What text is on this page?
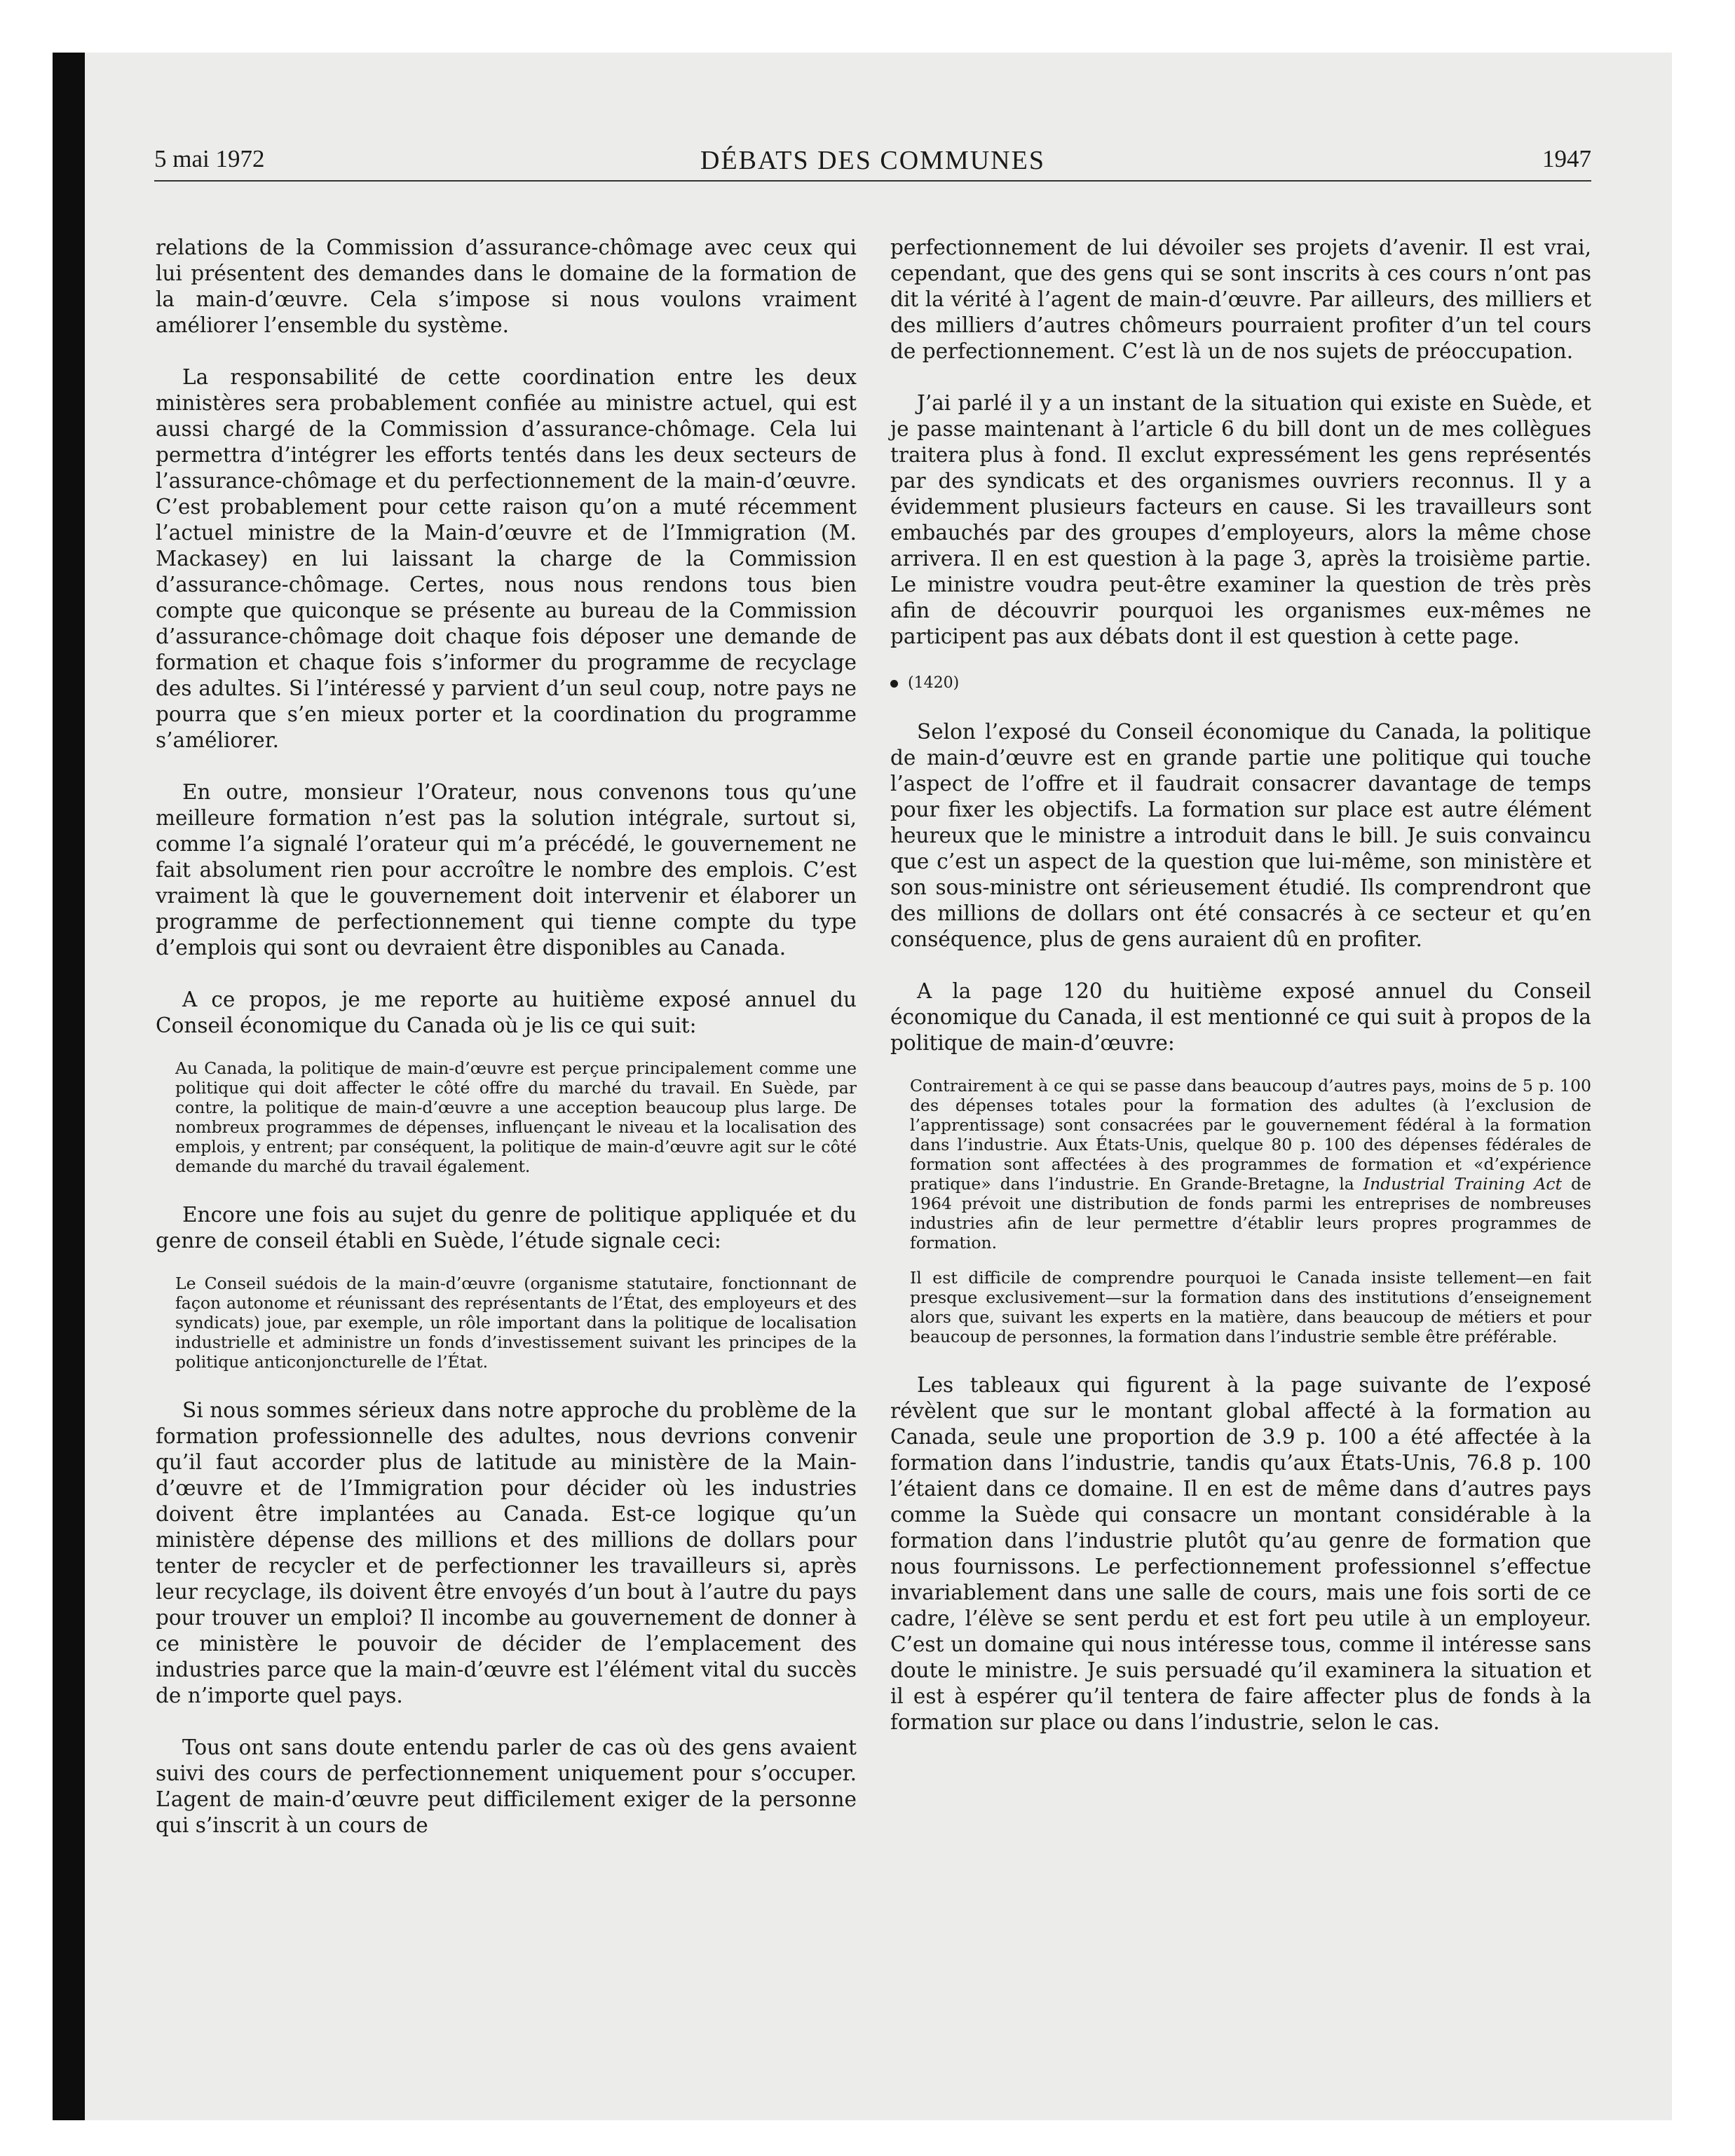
5 mai 1972	DÉBATS DES COMMUNES	1947

relations de la Commission d’assurance-chômage avec ceux qui lui présentent des demandes dans le domaine de la formation de la main-d’œuvre. Cela s’impose si nous voulons vraiment améliorer l’ensemble du système.

La responsabilité de cette coordination entre les deux ministères sera probablement confiée au ministre actuel, qui est aussi chargé de la Commission d’assurance-chômage. Cela lui permettra d’intégrer les efforts tentés dans les deux secteurs de l’assurance-chômage et du perfectionnement de la main-d’œuvre. C’est probablement pour cette raison qu’on a muté récemment l’actuel ministre de la Main-d’œuvre et de l’Immigration (M. Mackasey) en lui laissant la charge de la Commission d’assurance-chômage. Certes, nous nous rendons tous bien compte que quiconque se présente au bureau de la Commission d’assurance-chômage doit chaque fois déposer une demande de formation et chaque fois s’informer du programme de recyclage des adultes. Si l’intéressé y parvient d’un seul coup, notre pays ne pourra que s’en mieux porter et la coordination du programme s’améliorer.

En outre, monsieur l’Orateur, nous convenons tous qu’une meilleure formation n’est pas la solution intégrale, surtout si, comme l’a signalé l’orateur qui m’a précédé, le gouvernement ne fait absolument rien pour accroître le nombre des emplois. C’est vraiment là que le gouvernement doit intervenir et élaborer un programme de perfectionnement qui tienne compte du type d’emplois qui sont ou devraient être disponibles au Canada.

A ce propos, je me reporte au huitième exposé annuel du Conseil économique du Canada où je lis ce qui suit:

Au Canada, la politique de main-d’œuvre est perçue principalement comme une politique qui doit affecter le côté offre du marché du travail. En Suède, par contre, la politique de main-d’œuvre a une acception beaucoup plus large. De nombreux programmes de dépenses, influençant le niveau et la localisation des emplois, y entrent; par conséquent, la politique de main-d’œuvre agit sur le côté demande du marché du travail également.

Encore une fois au sujet du genre de politique appliquée et du genre de conseil établi en Suède, l’étude signale ceci:

Le Conseil suédois de la main-d’œuvre (organisme statutaire, fonctionnant de façon autonome et réunissant des représentants de l’État, des employeurs et des syndicats) joue, par exemple, un rôle important dans la politique de localisation industrielle et administre un fonds d’investissement suivant les principes de la politique anticonjoncturelle de l’État.

Si nous sommes sérieux dans notre approche du problème de la formation professionnelle des adultes, nous devrions convenir qu’il faut accorder plus de latitude au ministère de la Main-d’œuvre et de l’Immigration pour décider où les industries doivent être implantées au Canada. Est-ce logique qu’un ministère dépense des millions et des millions de dollars pour tenter de recycler et de perfectionner les travailleurs si, après leur recyclage, ils doivent être envoyés d’un bout à l’autre du pays pour trouver un emploi? Il incombe au gouvernement de donner à ce ministère le pouvoir de décider de l’emplacement des industries parce que la main-d’œuvre est l’élément vital du succès de n’importe quel pays.

Tous ont sans doute entendu parler de cas où des gens avaient suivi des cours de perfectionnement uniquement pour s’occuper. L’agent de main-d’œuvre peut difficilement exiger de la personne qui s’inscrit à un cours de

perfectionnement de lui dévoiler ses projets d’avenir. Il est vrai, cependant, que des gens qui se sont inscrits à ces cours n’ont pas dit la vérité à l’agent de main-d’œuvre. Par ailleurs, des milliers et des milliers d’autres chômeurs pourraient profiter d’un tel cours de perfectionnement. C’est là un de nos sujets de préoccupation.

J’ai parlé il y a un instant de la situation qui existe en Suède, et je passe maintenant à l’article 6 du bill dont un de mes collègues traitera plus à fond. Il exclut expressément les gens représentés par des syndicats et des organismes ouvriers reconnus. Il y a évidemment plusieurs facteurs en cause. Si les travailleurs sont embauchés par des groupes d’employeurs, alors la même chose arrivera. Il en est question à la page 3, après la troisième partie. Le ministre voudra peut-être examiner la question de très près afin de découvrir pourquoi les organismes eux-mêmes ne participent pas aux débats dont il est question à cette page.

(1420)

Selon l’exposé du Conseil économique du Canada, la politique de main-d’œuvre est en grande partie une politique qui touche l’aspect de l’offre et il faudrait consacrer davantage de temps pour fixer les objectifs. La formation sur place est autre élément heureux que le ministre a introduit dans le bill. Je suis convaincu que c’est un aspect de la question que lui-même, son ministère et son sous-ministre ont sérieusement étudié. Ils comprendront que des millions de dollars ont été consacrés à ce secteur et qu’en conséquence, plus de gens auraient dû en profiter.

A la page 120 du huitième exposé annuel du Conseil économique du Canada, il est mentionné ce qui suit à propos de la politique de main-d’œuvre:

Contrairement à ce qui se passe dans beaucoup d’autres pays, moins de 5 p. 100 des dépenses totales pour la formation des adultes (à l’exclusion de l’apprentissage) sont consacrées par le gouvernement fédéral à la formation dans l’industrie. Aux États-Unis, quelque 80 p. 100 des dépenses fédérales de formation sont affectées à des programmes de formation et «d’expérience pratique» dans l’industrie. En Grande-Bretagne, la Industrial Training Act de 1964 prévoit une distribution de fonds parmi les entreprises de nombreuses industries afin de leur permettre d’établir leurs propres programmes de formation.
Il est difficile de comprendre pourquoi le Canada insiste tellement—en fait presque exclusivement—sur la formation dans des institutions d’enseignement alors que, suivant les experts en la matière, dans beaucoup de métiers et pour beaucoup de personnes, la formation dans l’industrie semble être préférable.

Les tableaux qui figurent à la page suivante de l’exposé révèlent que sur le montant global affecté à la formation au Canada, seule une proportion de 3.9 p. 100 a été affectée à la formation dans l’industrie, tandis qu’aux États-Unis, 76.8 p. 100 l’étaient dans ce domaine. Il en est de même dans d’autres pays comme la Suède qui consacre un montant considérable à la formation dans l’industrie plutôt qu’au genre de formation que nous fournissons. Le perfectionnement professionnel s’effectue invariablement dans une salle de cours, mais une fois sorti de ce cadre, l’élève se sent perdu et est fort peu utile à un employeur. C’est un domaine qui nous intéresse tous, comme il intéresse sans doute le ministre. Je suis persuadé qu’il examinera la situation et il est à espérer qu’il tentera de faire affecter plus de fonds à la formation sur place ou dans l’industrie, selon le cas.
